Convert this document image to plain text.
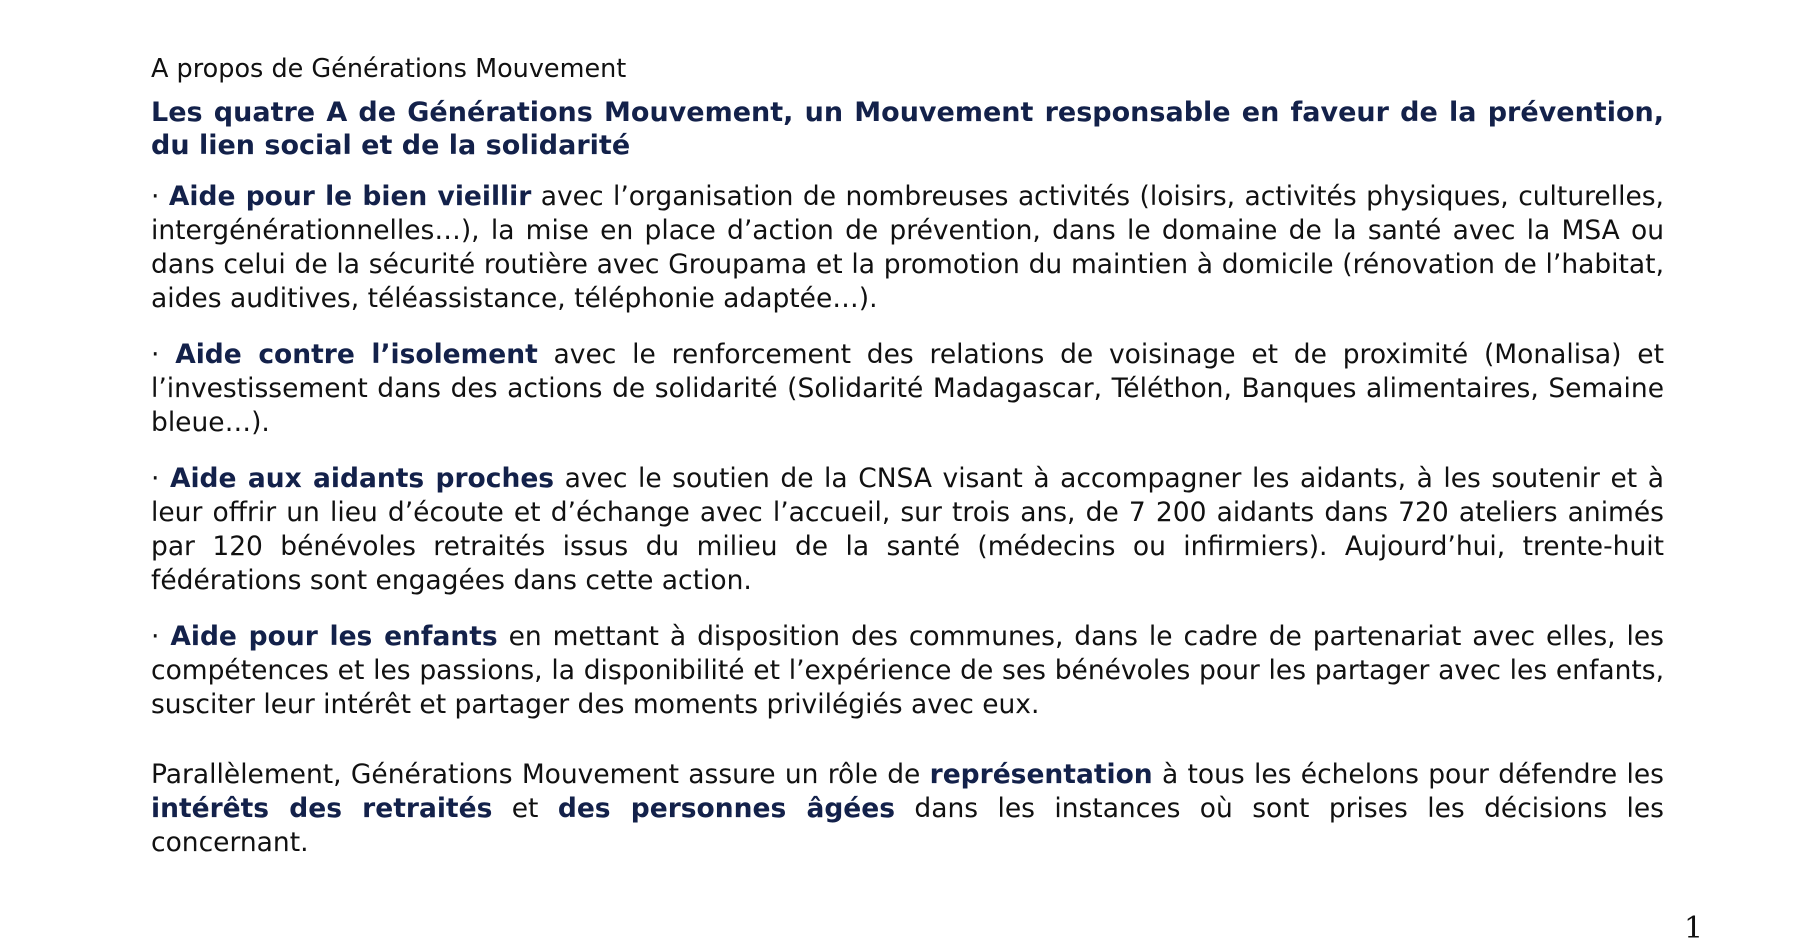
A propos de Générations Mouvement
Les quatre A de Générations Mouvement, un Mouvement responsable en faveur de la prévention, du lien social et de la solidarité
· Aide pour le bien vieillir avec l’organisation de nombreuses activités (loisirs, activités physiques, culturelles, intergénérationnelles…), la mise en place d’action de prévention, dans le domaine de la santé avec la MSA ou dans celui de la sécurité routière avec Groupama et la promotion du maintien à domicile (rénovation de l’habitat, aides auditives, téléassistance, téléphonie adaptée…).
· Aide contre l’isolement avec le renforcement des relations de voisinage et de proximité (Monalisa) et l’investissement dans des actions de solidarité (Solidarité Madagascar, Téléthon, Banques alimentaires, Semaine bleue…).
· Aide aux aidants proches avec le soutien de la CNSA visant à accompagner les aidants, à les soutenir et à leur offrir un lieu d’écoute et d’échange avec l’accueil, sur trois ans, de 7 200 aidants dans 720 ateliers animés par 120 bénévoles retraités issus du milieu de la santé (médecins ou infirmiers). Aujourd’hui, trente-huit fédérations sont engagées dans cette action.
· Aide pour les enfants en mettant à disposition des communes, dans le cadre de partenariat avec elles, les compétences et les passions, la disponibilité et l’expérience de ses bénévoles pour les partager avec les enfants, susciter leur intérêt et partager des moments privilégiés avec eux.
Parallèlement, Générations Mouvement assure un rôle de représentation à tous les échelons pour défendre les intérêts des retraités et des personnes âgées dans les instances où sont prises les décisions les concernant.
1
